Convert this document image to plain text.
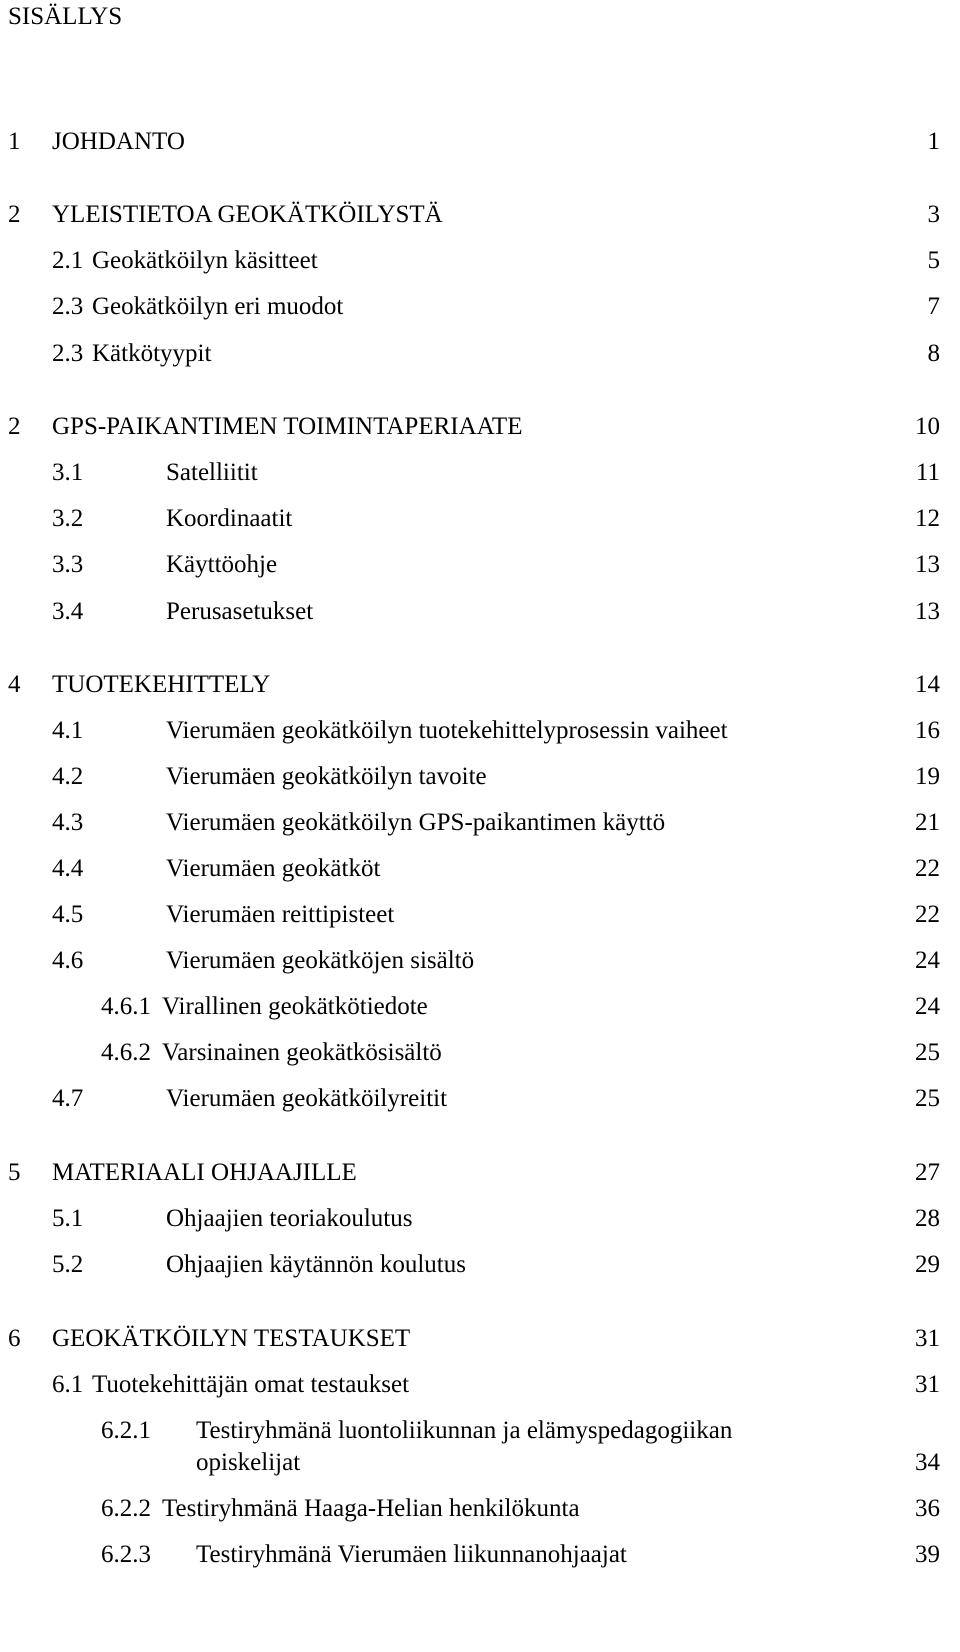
SISÄLLYS
1 JOHDANTO	1
2 YLEISTIETOA GEOKÄTKÖILYSTÄ	3
2.1 Geokätköilyn käsitteet	5
2.3 Geokätköilyn eri muodot	7
2.3 Kätkötyypit	8
2 GPS-PAIKANTIMEN TOIMINTAPERIAATE	10
3.1	Satelliitit	11
3.2	Koordinaatit	12
3.3	Käyttöohje	13
3.4	Perusasetukset	13
4 TUOTEKEHITTELY	14
4.1	Vierumäen geokätköilyn tuotekehittelyprosessin vaiheet	16
4.2	Vierumäen geokätköilyn tavoite	19
4.3	Vierumäen geokätköilyn GPS-paikantimen käyttö	21
4.4	Vierumäen geokätköt	22
4.5	Vierumäen reittipisteet	22
4.6	Vierumäen geokätköjen sisältö	24
4.6.1 Virallinen geokätkötiedote	24
4.6.2 Varsinainen geokätkösisältö	25
4.7	Vierumäen geokätköilyreitit	25
5 MATERIAALI OHJAAJILLE	27
5.1	Ohjaajien teoriakoulutus	28
5.2	Ohjaajien käytännön koulutus	29
6 GEOKÄTKÖILYN TESTAUKSET	31
6.1 Tuotekehittäjän omat testaukset	31
6.2.1 Testiryhmänä luontoliikunnan ja elämyspedagogiikan
opiskelijat	34
6.2.2 Testiryhmänä Haaga-Helian henkilökunta	36
6.2.3 Testiryhmänä Vierumäen liikunnanohjaajat	39
